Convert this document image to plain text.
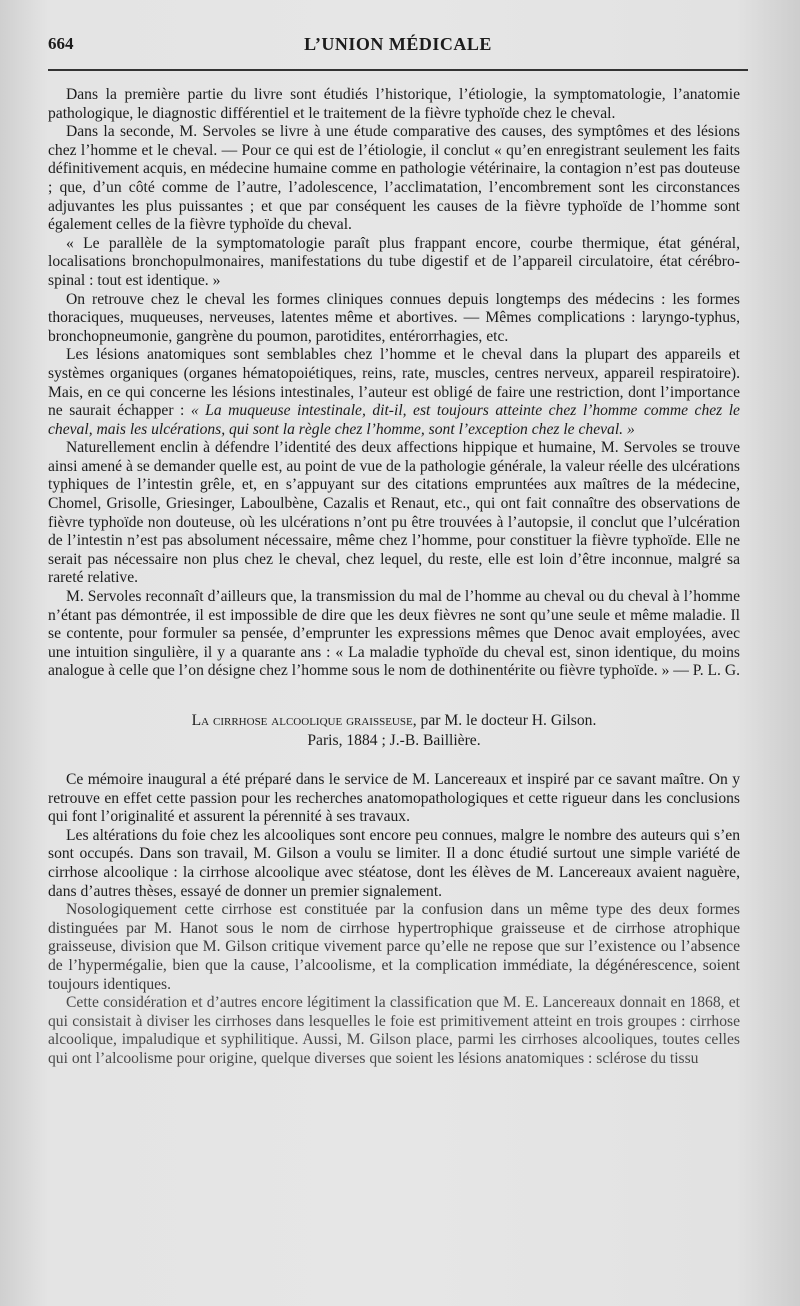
664	L’UNION MÉDICALE

Dans la première partie du livre sont étudiés l’historique, l’étiologie, la symptomatologie, l’anatomie pathologique, le diagnostic différentiel et le traitement de la fièvre typhoïde chez le cheval.

Dans la seconde, M. Servoles se livre à une étude comparative des causes, des symptômes et des lésions chez l’homme et le cheval. — Pour ce qui est de l’étiologie, il conclut « qu’en enregistrant seulement les faits définitivement acquis, en médecine humaine comme en pathologie vétérinaire, la contagion n’est pas douteuse ; que, d’un côté comme de l’autre, l’adolescence, l’acclimatation, l’encombrement sont les circonstances adjuvantes les plus puissantes ; et que par conséquent les causes de la fièvre typhoïde de l’homme sont également celles de la fièvre typhoïde du cheval.

« Le parallèle de la symptomatologie paraît plus frappant encore, courbe thermique, état général, localisations bronchopulmonaires, manifestations du tube digestif et de l’appareil circulatoire, état cérébro-spinal : tout est identique. »

On retrouve chez le cheval les formes cliniques connues depuis longtemps des médecins : les formes thoraciques, muqueuses, nerveuses, latentes même et abortives. — Mêmes complications : laryngo-typhus, bronchopneumonie, gangrène du poumon, parotidites, entérorrhagies, etc.

Les lésions anatomiques sont semblables chez l’homme et le cheval dans la plupart des appareils et systèmes organiques (organes hématopoiétiques, reins, rate, muscles, centres nerveux, appareil respiratoire). Mais, en ce qui concerne les lésions intestinales, l’auteur est obligé de faire une restriction, dont l’importance ne saurait échapper : « La muqueuse intestinale, dit-il, est toujours atteinte chez l’homme comme chez le cheval, mais les ulcérations, qui sont la règle chez l’homme, sont l’exception chez le cheval. »

Naturellement enclin à défendre l’identité des deux affections hippique et humaine, M. Servoles se trouve ainsi amené à se demander quelle est, au point de vue de la pathologie générale, la valeur réelle des ulcérations typhiques de l’intestin grêle, et, en s’appuyant sur des citations empruntées aux maîtres de la médecine, Chomel, Grisolle, Griesinger, Laboulbène, Cazalis et Renaut, etc., qui ont fait connaître des observations de fièvre typhoïde non douteuse, où les ulcérations n’ont pu être trouvées à l’autopsie, il conclut que l’ulcération de l’intestin n’est pas absolument nécessaire, même chez l’homme, pour constituer la fièvre typhoïde. Elle ne serait pas nécessaire non plus chez le cheval, chez lequel, du reste, elle est loin d’être inconnue, malgré sa rareté relative.

M. Servoles reconnaît d’ailleurs que, la transmission du mal de l’homme au cheval ou du cheval à l’homme n’étant pas démontrée, il est impossible de dire que les deux fièvres ne sont qu’une seule et même maladie. Il se contente, pour formuler sa pensée, d’emprunter les expressions mêmes que Denoc avait employées, avec une intuition singulière, il y a quarante ans : « La maladie typhoïde du cheval est, sinon identique, du moins analogue à celle que l’on désigne chez l’homme sous le nom de dothinentérite ou fièvre typhoïde. » — P. L. G.

La cirrhose alcoolique graisseuse, par M. le docteur H. Gilson.
Paris, 1884 ; J.-B. Baillière.

Ce mémoire inaugural a été préparé dans le service de M. Lancereaux et inspiré par ce savant maître. On y retrouve en effet cette passion pour les recherches anatomopathologiques et cette rigueur dans les conclusions qui font l’originalité et assurent la pérennité à ses travaux.

Les altérations du foie chez les alcooliques sont encore peu connues, malgre le nombre des auteurs qui s’en sont occupés. Dans son travail, M. Gilson a voulu se limiter. Il a donc étudié surtout une simple variété de cirrhose alcoolique : la cirrhose alcoolique avec stéatose, dont les élèves de M. Lancereaux avaient naguère, dans d’autres thèses, essayé de donner un premier signalement.

Nosologiquement cette cirrhose est constituée par la confusion dans un même type des deux formes distinguées par M. Hanot sous le nom de cirrhose hypertrophique graisseuse et de cirrhose atrophique graisseuse, division que M. Gilson critique vivement parce qu’elle ne repose que sur l’existence ou l’absence de l’hypermégalie, bien que la cause, l’alcoolisme, et la complication immédiate, la dégénérescence, soient toujours identiques.

Cette considération et d’autres encore légitiment la classification que M. E. Lancereaux donnait en 1868, et qui consistait à diviser les cirrhoses dans lesquelles le foie est primitivement atteint en trois groupes : cirrhose alcoolique, impaludique et syphilitique. Aussi, M. Gilson place, parmi les cirrhoses alcooliques, toutes celles qui ont l’alcoolisme pour origine, quelque diverses que soient les lésions anatomiques : sclérose du tissu
